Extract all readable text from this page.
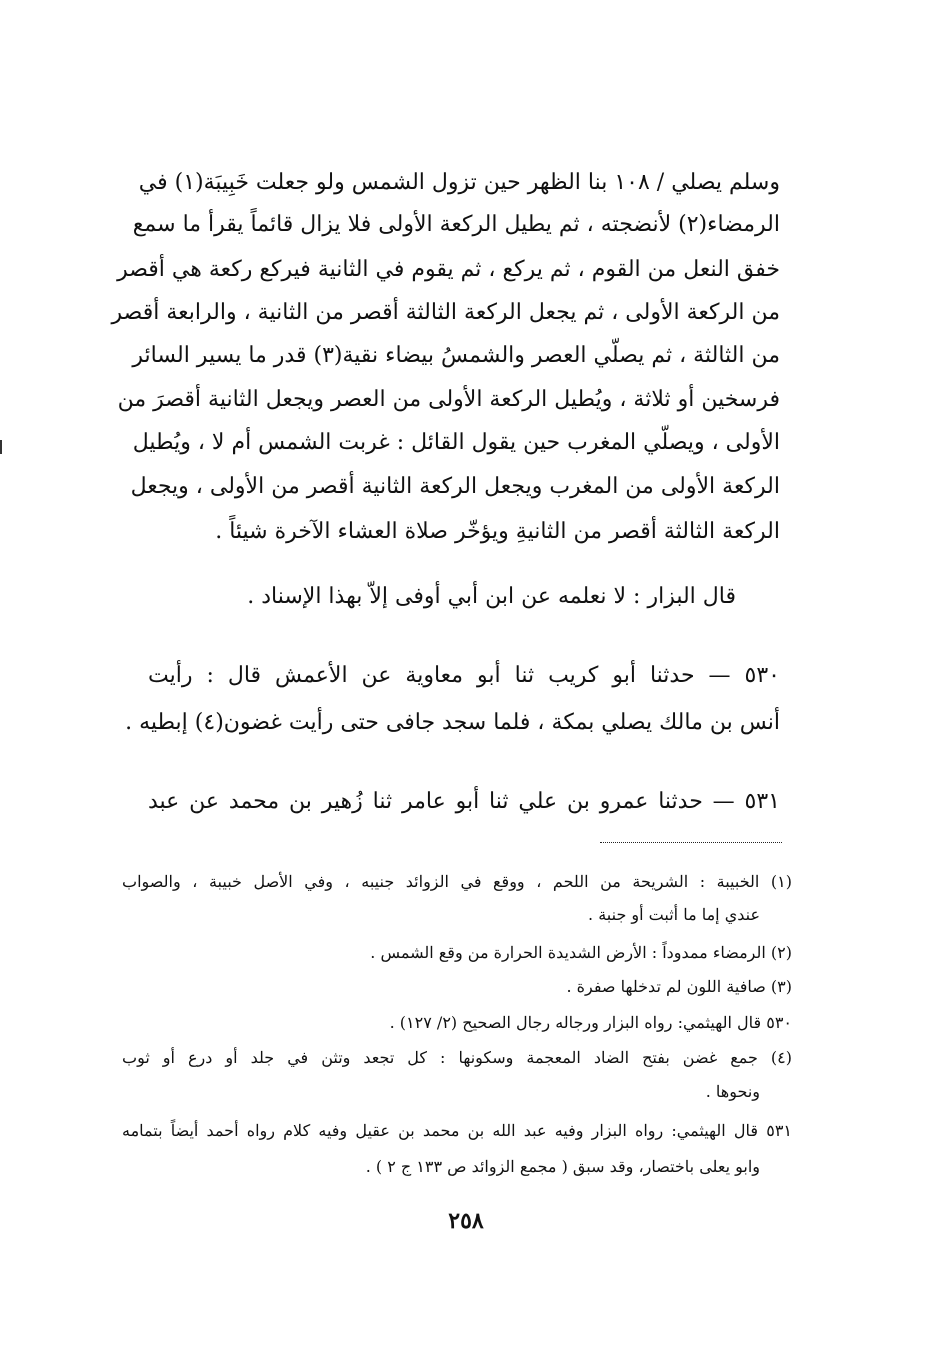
وسلم يصلي / ١٠٨ بنا الظهر حين تزول الشمس ولو جعلت خَبِيبَة(١) في
الرمضاء(٢) لأنضجته ، ثم يطيل الركعة الأولى فلا يزال قائماً يقرأ ما سمع
خفق النعل من القوم ، ثم يركع ، ثم يقوم في الثانية فيركع ركعة هي أقصر
من الركعة الأولى ، ثم يجعل الركعة الثالثة أقصر من الثانية ، والرابعة أقصر
من الثالثة ، ثم يصلّي العصر والشمسُ بيضاء نقية(٣) قدر ما يسير السائر
فرسخين أو ثلاثة ، ويُطيل الركعة الأولى من العصر ويجعل الثانية أقصرَ من
الأولى ، ويصلّي المغرب حين يقول القائل : غربت الشمس أم لا ، ويُطيل
الركعة الأولى من المغرب ويجعل الركعة الثانية أقصر من الأولى ، ويجعل
الركعة الثالثة أقصر من الثانيةِ ويؤخّر صلاة العشاء الآخرة شيئاً .
قال البزار : لا نعلمه عن ابن أبي أوفى إلاّ بهذا الإسناد .
٥٣٠ — حدثنا أبو كريب ثنا أبو معاوية عن الأعمش قال : رأيت
أنس بن مالك يصلي بمكة ، فلما سجد جافى حتى رأيت غضون(٤) إبطيه .
٥٣١ — حدثنا عمرو بن علي ثنا أبو عامر ثنا زُهير بن محمد عن عبد
(١) الخبيبة : الشريحة من اللحم ، ووقع في الزوائد جنيبه ، وفي الأصل خبيبة ، والصواب
عندي إما ما أثبت أو جنبة .
(٢) الرمضاء ممدوداً : الأرض الشديدة الحرارة من وقع الشمس .
(٣) صافية اللون لم تدخلها صفرة .
٥٣٠ قال الهيثمي: رواه البزار ورجاله رجال الصحيح (٢/ ١٢٧) .
(٤) جمع غضن بفتح الضاد المعجمة وسكونها : كل تجعد وتثن في جلد أو درع أو ثوب
ونحوها .
٥٣١ قال الهيثمي: رواه البزار وفيه عبد الله بن محمد بن عقيل وفيه كلام رواه أحمد أيضاً بتمامه
وابو يعلى باختصار، وقد سبق ( مجمع الزوائد ص ١٣٣ ج ٢ ) .
٢٥٨
